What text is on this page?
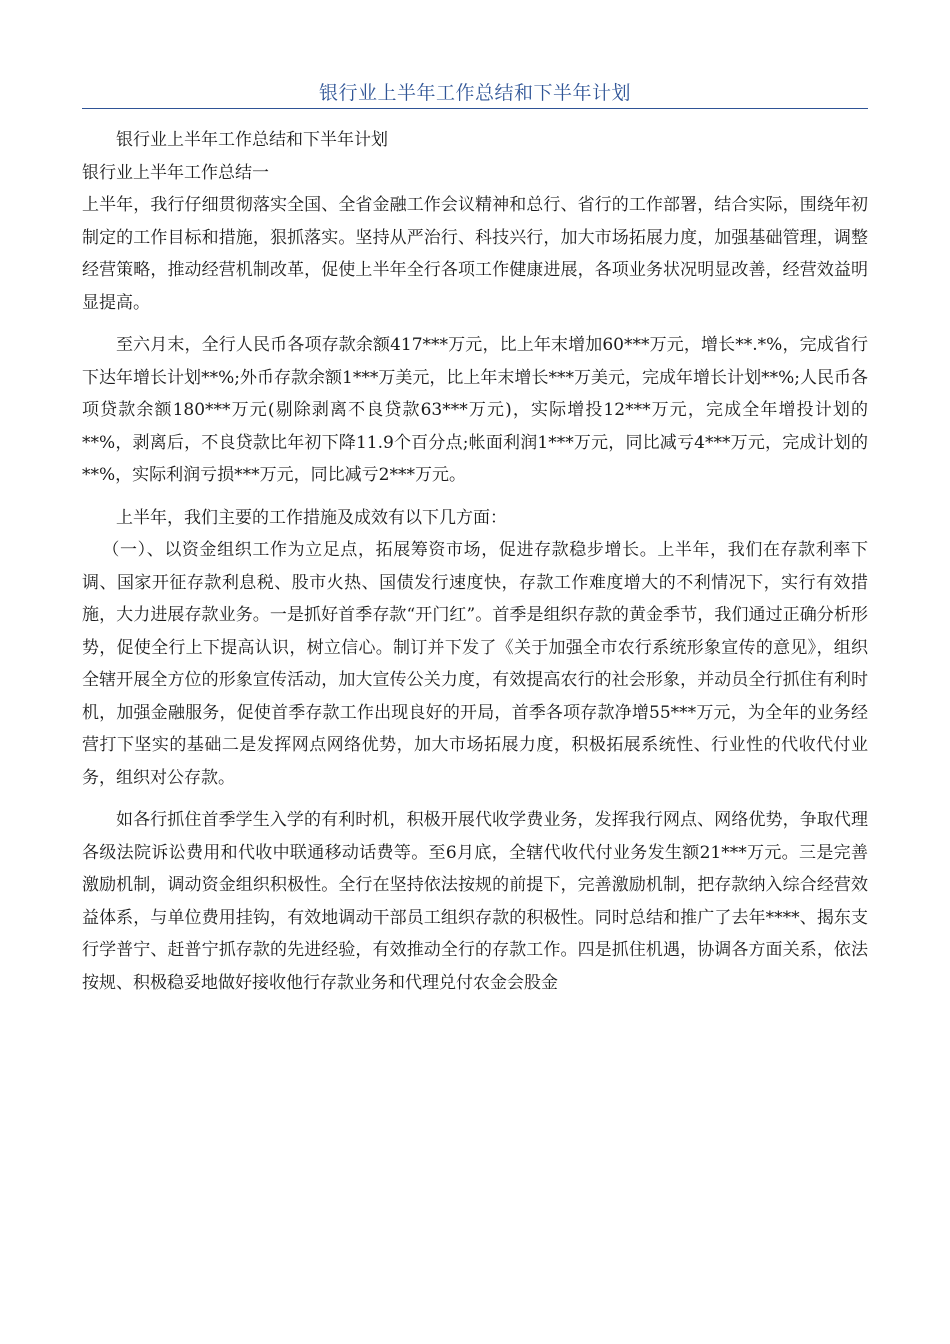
银行业上半年工作总结和下半年计划

银行业上半年工作总结和下半年计划

银行业上半年工作总结一

上半年，我行仔细贯彻落实全国、全省金融工作会议精神和总行、省行的工作部署，结合实际，围绕年初制定的工作目标和措施，狠抓落实。坚持从严治行、科技兴行，加大市场拓展力度，加强基础管理，调整经营策略，推动经营机制改革，促使上半年全行各项工作健康进展，各项业务状况明显改善，经营效益明显提高。

至六月末，全行人民币各项存款余额417***万元，比上年末增加60***万元，增长**.*%，完成省行下达年增长计划**%;外币存款余额1***万美元，比上年末增长***万美元，完成年增长计划**%;人民币各项贷款余额180***万元(剔除剥离不良贷款63***万元)，实际增投12***万元，完成全年增投计划的**%，剥离后，不良贷款比年初下降11.9个百分点;帐面利润1***万元，同比减亏4***万元，完成计划的**%，实际利润亏损***万元，同比减亏2***万元。

上半年，我们主要的工作措施及成效有以下几方面：

（一）、以资金组织工作为立足点，拓展筹资市场，促进存款稳步增长。上半年，我们在存款利率下调、国家开征存款利息税、股市火热、国债发行速度快，存款工作难度增大的不利情况下，实行有效措施，大力进展存款业务。一是抓好首季存款“开门红”。首季是组织存款的黄金季节，我们通过正确分析形势，促使全行上下提高认识，树立信心。制订并下发了《关于加强全市农行系统形象宣传的意见》，组织全辖开展全方位的形象宣传活动，加大宣传公关力度，有效提高农行的社会形象，并动员全行抓住有利时机，加强金融服务，促使首季存款工作出现良好的开局，首季各项存款净增55***万元，为全年的业务经营打下坚实的基础二是发挥网点网络优势，加大市场拓展力度，积极拓展系统性、行业性的代收代付业务，组织对公存款。

如各行抓住首季学生入学的有利时机，积极开展代收学费业务，发挥我行网点、网络优势，争取代理各级法院诉讼费用和代收中联通移动话费等。至6月底，全辖代收代付业务发生额21***万元。三是完善激励机制，调动资金组织积极性。全行在坚持依法按规的前提下，完善激励机制，把存款纳入综合经营效益体系，与单位费用挂钩，有效地调动干部员工组织存款的积极性。同时总结和推广了去年****、揭东支行学普宁、赶普宁抓存款的先进经验，有效推动全行的存款工作。四是抓住机遇，协调各方面关系，依法按规、积极稳妥地做好接收他行存款业务和代理兑付农金会股金
